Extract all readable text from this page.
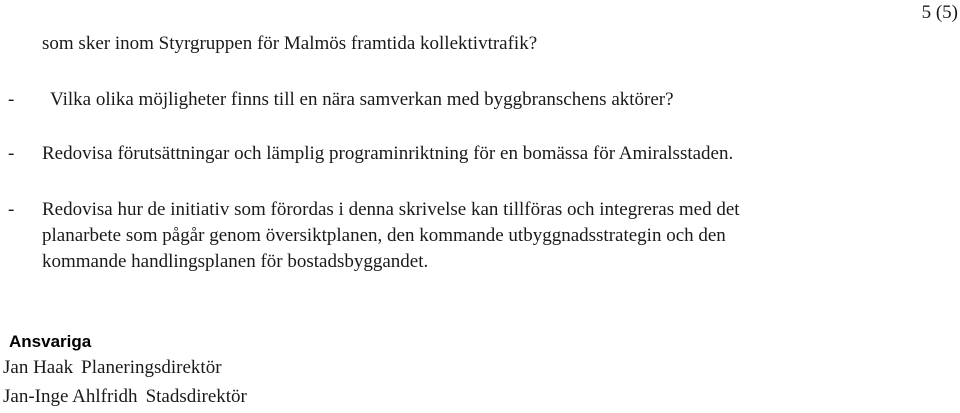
5 (5)
som sker inom Styrgruppen för Malmös framtida kollektivtrafik?
- Vilka olika möjligheter finns till en nära samverkan med byggbranschens aktörer?
- Redovisa förutsättningar och lämplig programinriktning för en bomässa för Amiralsstaden.
- Redovisa hur de initiativ som förordas i denna skrivelse kan tillföras och integreras med det
planarbete som pågår genom översiktplanen, den kommande utbyggnadsstrategin och den
kommande handlingsplanen för bostadsbyggandet.
Ansvariga
Jan Haak Planeringsdirektör
Jan-Inge Ahlfridh Stadsdirektör
